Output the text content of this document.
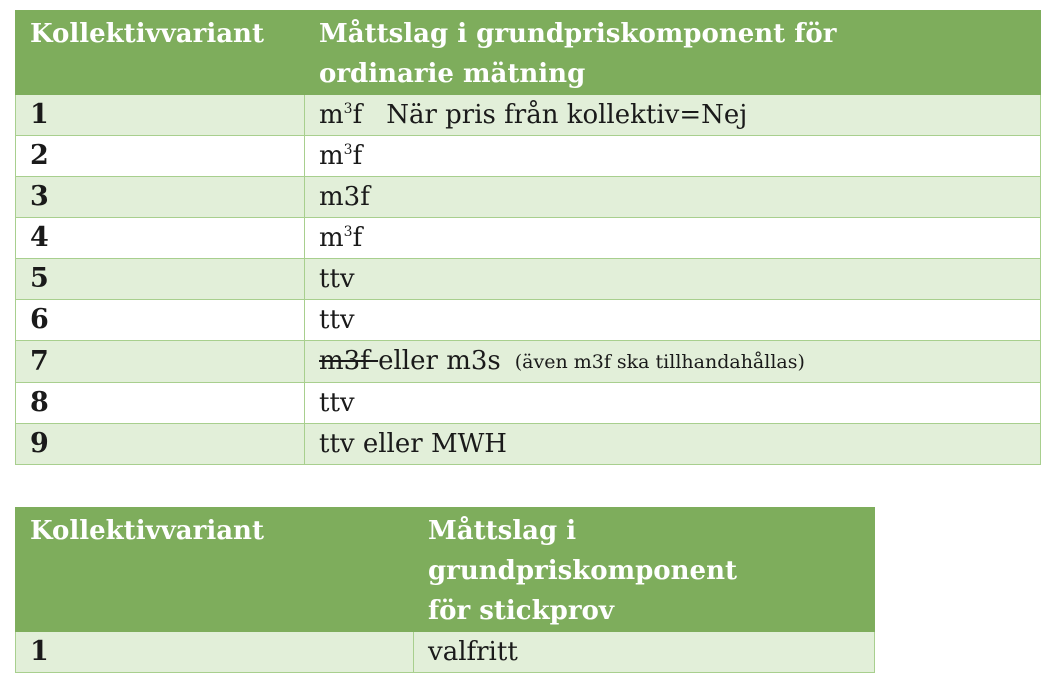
Kollektivvariant	Måttslag i grundpriskomponent för
ordinarie mätning

1	$m^3f$ När pris från kollektiv=Nej
2	$m^3f$
3	m3f
4	$m^3f$
5	ttv
6	ttv
7	m3f eller m3s (även m3f ska tillhandahållas)
8	ttv
9	ttv eller MWH
Kollektivvariant	Måttslag i
grundpriskomponent
för stickprov

1	valfritt
